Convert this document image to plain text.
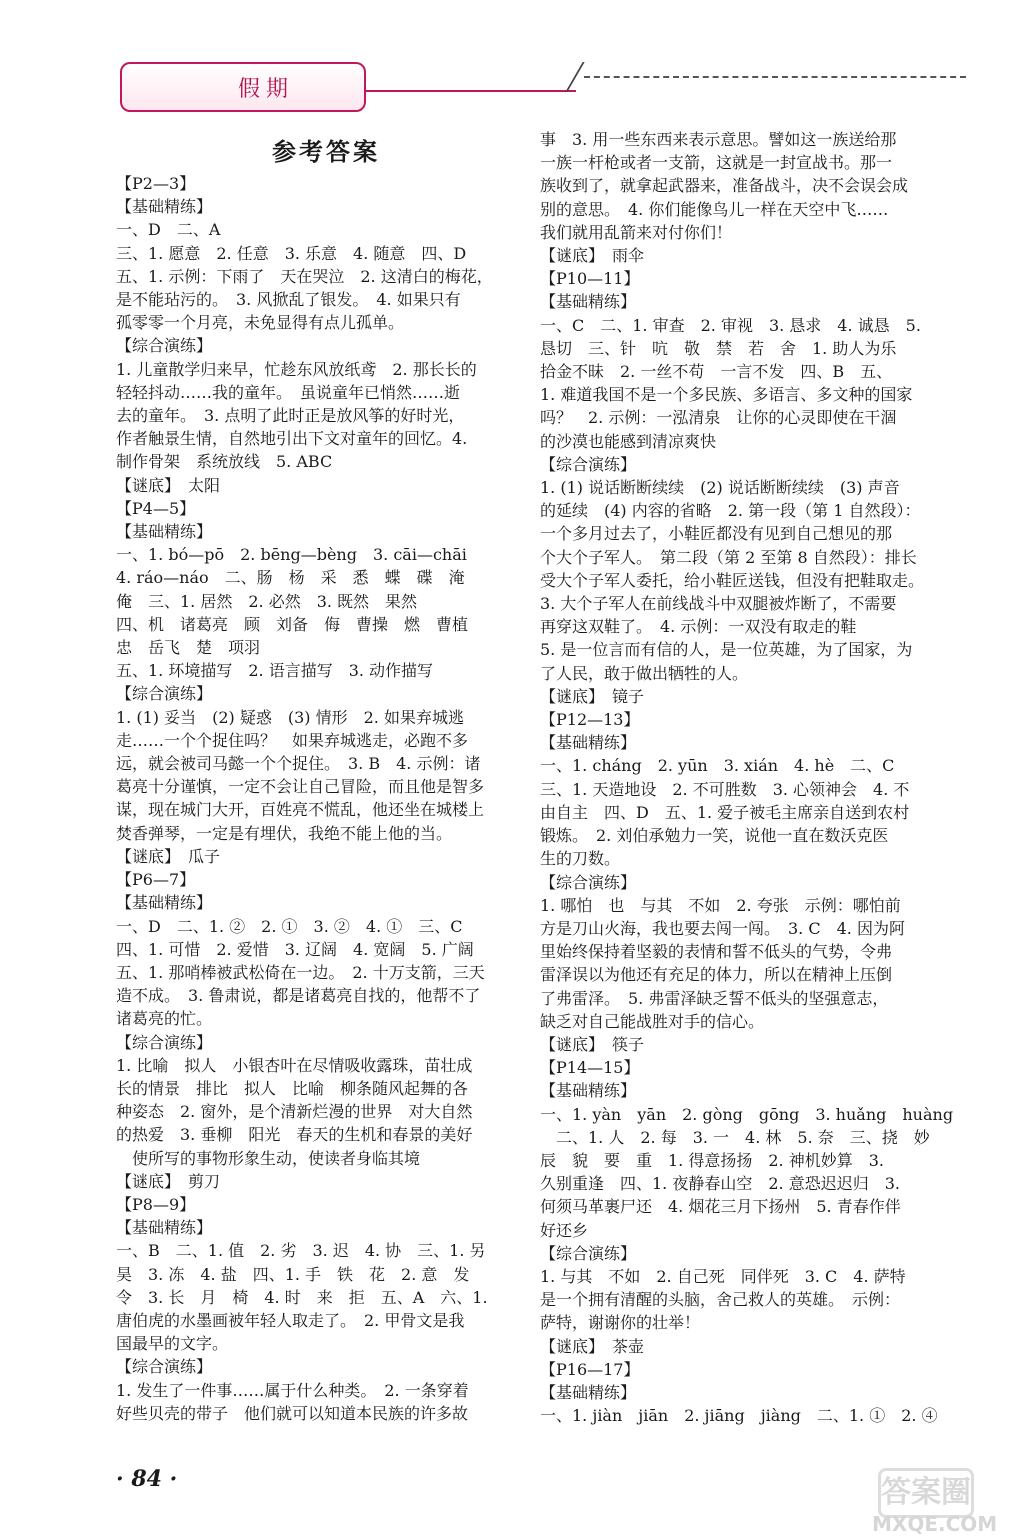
假期
参考答案
【P2—3】
【基础精练】
一、D　二、A
三、1. 愿意　2. 任意　3. 乐意　4. 随意　四、D
五、1. 示例：下雨了　天在哭泣　2. 这清白的梅花，
是不能玷污的。　3. 风掀乱了银发。　4. 如果只有
孤零零一个月亮，未免显得有点儿孤单。
【综合演练】
1. 儿童散学归来早，忙趁东风放纸鸢　2. 那长长的
轻轻抖动……我的童年。　虽说童年已悄然……逝
去的童年。　3. 点明了此时正是放风筝的好时光，
作者触景生情，自然地引出下文对童年的回忆。4.
制作骨架　系统放线　5. ABC
【谜底】　太阳
【P4—5】
【基础精练】
一、1. bó—pō　2. bēng—bèng　3. cāi—chāi
4. ráo—náo　二、肠　杨　采　悉　蝶　碟　淹
俺　三、1. 居然　2. 必然　3. 既然　果然
四、机　诸葛亮　顾　刘备　侮　曹操　燃　曹植
忠　岳飞　楚　项羽
五、1. 环境描写　2. 语言描写　3. 动作描写
【综合演练】
1. (1) 妥当　(2) 疑惑　(3) 情形　2. 如果弃城逃
走……一个个捉住吗？　如果弃城逃走，必跑不多
远，就会被司马懿一个个捉住。　3. B　4. 示例：诸
葛亮十分谨慎，一定不会让自己冒险，而且他是智多
谋，现在城门大开，百姓亮不慌乱，他还坐在城楼上
焚香弹琴，一定是有埋伏，我绝不能上他的当。
【谜底】　瓜子
【P6—7】
【基础精练】
一、D　二、1. ②　2. ①　3. ②　4. ①　三、C
四、1. 可惜　2. 爱惜　3. 辽阔　4. 宽阔　5. 广阔
五、1. 那哨棒被武松倚在一边。　2. 十万支箭，三天
造不成。　3. 鲁肃说，都是诸葛亮自找的，他帮不了
诸葛亮的忙。
【综合演练】
1. 比喻　拟人　小银杏叶在尽情吸收露珠，苗壮成
长的情景　排比　拟人　比喻　柳条随风起舞的各
种姿态　2. 窗外，是个清新烂漫的世界　对大自然
的热爱　3. 垂柳　阳光　春天的生机和春景的美好
　使所写的事物形象生动，使读者身临其境
【谜底】　剪刀
【P8—9】
【基础精练】
一、B　二、1. 值　2. 劣　3. 迟　4. 协　三、1. 另
昊　3. 冻　4. 盐　四、1. 手　铁　花　2. 意　发
令　3. 长　月　椅　4. 时　来　拒　五、A　六、1.
唐伯虎的水墨画被年轻人取走了。　2. 甲骨文是我
国最早的文字。
【综合演练】
1. 发生了一件事……属于什么种类。　2. 一条穿着
好些贝壳的带子　他们就可以知道本民族的许多故
事　3. 用一些东西来表示意思。譬如这一族送给那
一族一杆枪或者一支箭，这就是一封宣战书。那一
族收到了，就拿起武器来，准备战斗，决不会误会成
别的意思。　4. 你们能像鸟儿一样在天空中飞……
我们就用乱箭来对付你们！
【谜底】　雨伞
【P10—11】
【基础精练】
一、C　二、1. 审查　2. 审视　3. 恳求　4. 诚恳　5.
恳切　三、针　吭　敬　禁　若　舍　1. 助人为乐
拾金不昧　2. 一丝不苟　一言不发　四、B　五、
1. 难道我国不是一个多民族、多语言、多文种的国家
吗？　2. 示例：一泓清泉　让你的心灵即使在干涸
的沙漠也能感到清凉爽快
【综合演练】
1. (1) 说话断断续续　(2) 说话断断续续　(3) 声音
的延续　(4) 内容的省略　2. 第一段（第 1 自然段）：
一个多月过去了，小鞋匠都没有见到自己想见的那
个大个子军人。　第二段（第 2 至第 8 自然段）：排长
受大个子军人委托，给小鞋匠送钱，但没有把鞋取走。
3. 大个子军人在前线战斗中双腿被炸断了，不需要
再穿这双鞋了。　4. 示例：一双没有取走的鞋
5. 是一位言而有信的人，是一位英雄，为了国家，为
了人民，敢于做出牺牲的人。
【谜底】　镜子
【P12—13】
【基础精练】
一、1. cháng　2. yūn　3. xián　4. hè　二、C
三、1. 天造地设　2. 不可胜数　3. 心领神会　4. 不
由自主　四、D　五、1. 爱子被毛主席亲自送到农村
锻炼。　2. 刘伯承勉力一笑，说他一直在数沃克医
生的刀数。
【综合演练】
1. 哪怕　也　与其　不如　2. 夸张　示例：哪怕前
方是刀山火海，我也要去闯一闯。　3. C　4. 因为阿
里始终保持着坚毅的表情和誓不低头的气势，令弗
雷泽误以为他还有充足的体力，所以在精神上压倒
了弗雷泽。　5. 弗雷泽缺乏誓不低头的坚强意志，
缺乏对自己能战胜对手的信心。
【谜底】　筷子
【P14—15】
【基础精练】
一、1. yàn　yān　2. gòng　gōng　3. huǎng　huàng
　二、1. 人　2. 每　3. 一　4. 林　5. 奈　三、挠　妙
辰　貌　要　重　1. 得意扬扬　2. 神机妙算　3.
久别重逢　四、1. 夜静春山空　2. 意恐迟迟归　3.
何须马革裹尸还　4. 烟花三月下扬州　5. 青春作伴
好还乡
【综合演练】
1. 与其　不如　2. 自己死　同伴死　3. C　4. 萨特
是一个拥有清醒的头脑，舍己救人的英雄。　示例：
萨特，谢谢你的壮举！
【谜底】　茶壶
【P16—17】
【基础精练】
一、1. jiàn　jiān　2. jiāng　jiàng　二、1. ①　2. ④
· 84 ·	答案圈
MXQE.COM
